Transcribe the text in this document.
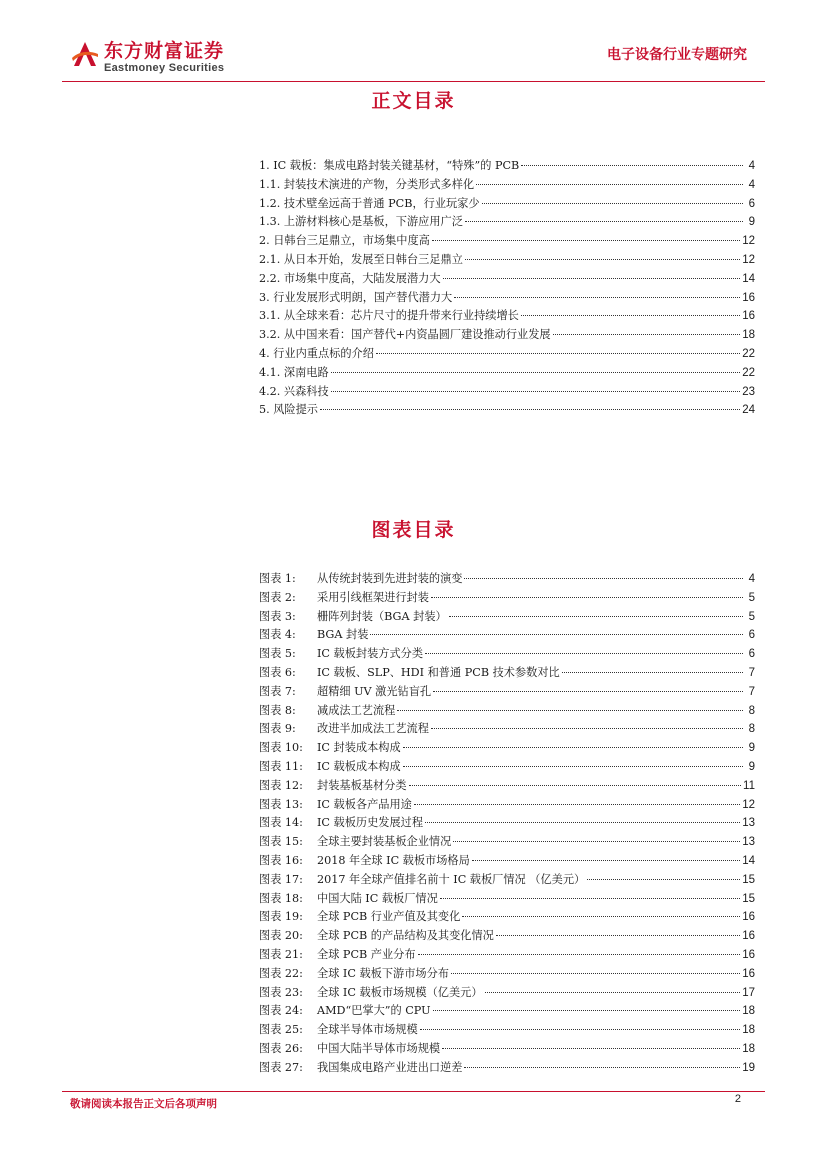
东方财富证券
Eastmoney Securities
电子设备行业专题研究
正文目录
1. IC 载板：集成电路封装关键基材，“特殊”的 PCB	4
1.1. 封装技术演进的产物，分类形式多样化	4
1.2. 技术壁垒远高于普通 PCB，行业玩家少	6
1.3. 上游材料核心是基板，下游应用广泛	9
2. 日韩台三足鼎立，市场集中度高	12
2.1. 从日本开始，发展至日韩台三足鼎立	12
2.2. 市场集中度高，大陆发展潜力大	14
3. 行业发展形式明朗，国产替代潜力大	16
3.1. 从全球来看：芯片尺寸的提升带来行业持续增长	16
3.2. 从中国来看：国产替代+内资晶圆厂建设推动行业发展	18
4. 行业内重点标的介绍	22
4.1. 深南电路	22
4.2. 兴森科技	23
5. 风险提示	24
图表目录
图表 1: 从传统封装到先进封装的演变	4
图表 2: 采用引线框架进行封装	5
图表 3: 栅阵列封装（BGA 封装）	5
图表 4: BGA 封装	6
图表 5: IC 载板封装方式分类	6
图表 6: IC 载板、SLP、HDI 和普通 PCB 技术参数对比	7
图表 7: 超精细 UV 激光钻盲孔	7
图表 8: 减成法工艺流程	8
图表 9: 改进半加成法工艺流程	8
图表 10: IC 封装成本构成	9
图表 11: IC 载板成本构成	9
图表 12: 封装基板基材分类	11
图表 13: IC 载板各产品用途	12
图表 14: IC 载板历史发展过程	13
图表 15: 全球主要封装基板企业情况	13
图表 16: 2018 年全球 IC 载板市场格局	14
图表 17: 2017 年全球产值排名前十 IC 载板厂情况 （亿美元）	15
图表 18: 中国大陆 IC 载板厂情况	15
图表 19: 全球 PCB 行业产值及其变化	16
图表 20: 全球 PCB 的产品结构及其变化情况	16
图表 21: 全球 PCB 产业分布	16
图表 22: 全球 IC 载板下游市场分布	16
图表 23: 全球 IC 载板市场规模（亿美元）	17
图表 24: AMD“巴掌大”的 CPU	18
图表 25: 全球半导体市场规模	18
图表 26: 中国大陆半导体市场规模	18
图表 27: 我国集成电路产业进出口逆差	19
敬请阅读本报告正文后各项声明	2
